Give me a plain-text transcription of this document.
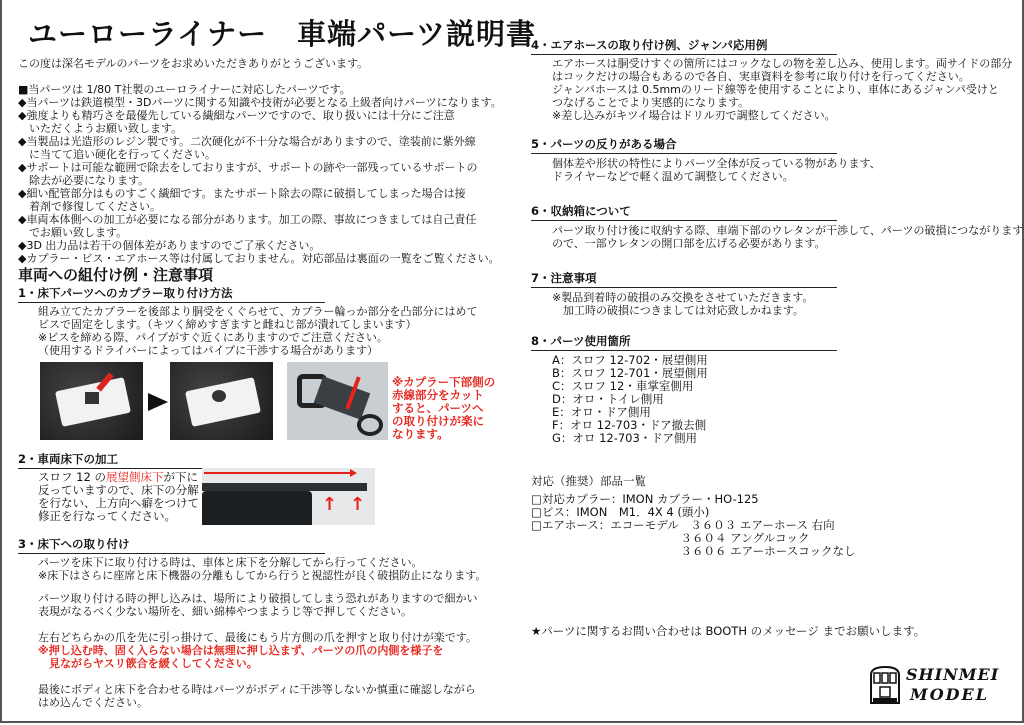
ユーローライナー　車端パーツ説明書
この度は深名モデルのパーツをお求めいただきありがとうございます。
■当パーツは 1/80 T社製のユーロライナーに対応したパーツです。
◆当パーツは鉄道模型・3Dパーツに関する知識や技術が必要となる上級者向けパーツになります。
◆強度よりも精巧さを最優先している繊細なパーツですので、取り扱いには十分にご注意
　いただくようお願い致します。
◆当製品は光造形のレジン製です。二次硬化が不十分な場合がありますので、塗装前に紫外線
　に当てて追い硬化を行ってください。
◆サポートは可能な範囲で除去をしておりますが、サポートの跡や一部残っているサポートの
　除去が必要になります。
◆細い配管部分はものすごく繊細です。またサポート除去の際に破損してしまった場合は接
　着剤で修復してください。
◆車両本体側への加工が必要になる部分があります。加工の際、事故につきましては自己責任
　でお願い致します。
◆3D 出力品は若干の個体差がありますのでご了承ください。
◆カプラー・ビス・エアホース等は付属しておりません。対応部品は裏面の一覧をご覧ください。
車両への組付け例・注意事項
1・床下パーツへのカプラー取り付け方法
組み立てたカプラーを後部より胴受をくぐらせて、カプラー輪っか部分を凸部分にはめて
ビスで固定をします。（キツく締めすぎますと雌ねじ部が潰れてしまいます）
※ビスを締める際、パイプがすぐ近くにありますのでご注意ください。
（使用するドライバーによってはパイプに干渉する場合があります）
※カプラー下部側の
赤線部分をカット
すると、パーツへ
の取り付けが楽に
なります。
2・車両床下の加工
スロフ 12 の展望側床下が下に
反っていますので、床下の分解
を行ない、上方向へ癖をつけて
修正を行なってください。
↑ ↑
3・床下への取り付け
パーツを床下に取り付ける時は、車体と床下を分解してから行ってください。
※床下はさらに座席と床下機器の分離もしてから行うと視認性が良く破損防止になります。
パーツ取り付ける時の押し込みは、場所により破損してしまう恐れがありますので細かい
表現がなるべく少ない場所を、細い綿棒やつまようじ等で押してください。
左右どちらかの爪を先に引っ掛けて、最後にもう片方側の爪を押すと取り付けが楽です。
※押し込む時、固く入らない場合は無理に押し込まず、パーツの爪の内側を様子を
　見ながらヤスリ篏合を緩くしてください。
最後にボディと床下を合わせる時はパーツがボディに干渉等しないか慎重に確認しながら
はめ込んでください。
4・エアホースの取り付け例、ジャンパ応用例
エアホースは胴受けすぐの箇所にはコックなしの物を差し込み、使用します。両サイドの部分
はコックだけの場合もあるので各自、実車資料を参考に取り付けを行ってください。
ジャンパホースは 0.5mmのリード線等を使用することにより、車体にあるジャンパ受けと
つなげることでより実感的になります。
※差し込みがキツイ場合はドリル刃で調整してください。
5・パーツの反りがある場合
個体差や形状の特性によりパーツ全体が反っている物があります、
ドライヤーなどで軽く温めて調整してください。
6・収納箱について
パーツ取り付け後に収納する際、車端下部のウレタンが干渉して、パーツの破損につながります
ので、一部ウレタンの開口部を広げる必要があります。
7・注意事項
※製品到着時の破損のみ交換をさせていただきます。
　加工時の破損につきましては対応致しかねます。
8・パーツ使用箇所
A：スロフ 12-702・展望側用
B：スロフ 12-701・展望側用
C：スロフ 12・車掌室側用
D：オロ・トイレ側用
E：オロ・ドア側用
F：オロ 12-703・ドア撤去側
G：オロ 12-703・ドア側用
対応（推奨）部品一覧
□対応カプラー：IMON カプラー・HO-125
□ビス：IMON　M1．4X 4 (頭小)
□エアホース：エコーモデル　３６０３ エアーホース 右向
　　　　　　　　　　　　　３６０４ アングルコック
　　　　　　　　　　　　　３６０６ エアーホースコックなし
★パーツに関するお問い合わせは BOOTH のメッセージ までお願いします。
SHINMEI
MODEL
